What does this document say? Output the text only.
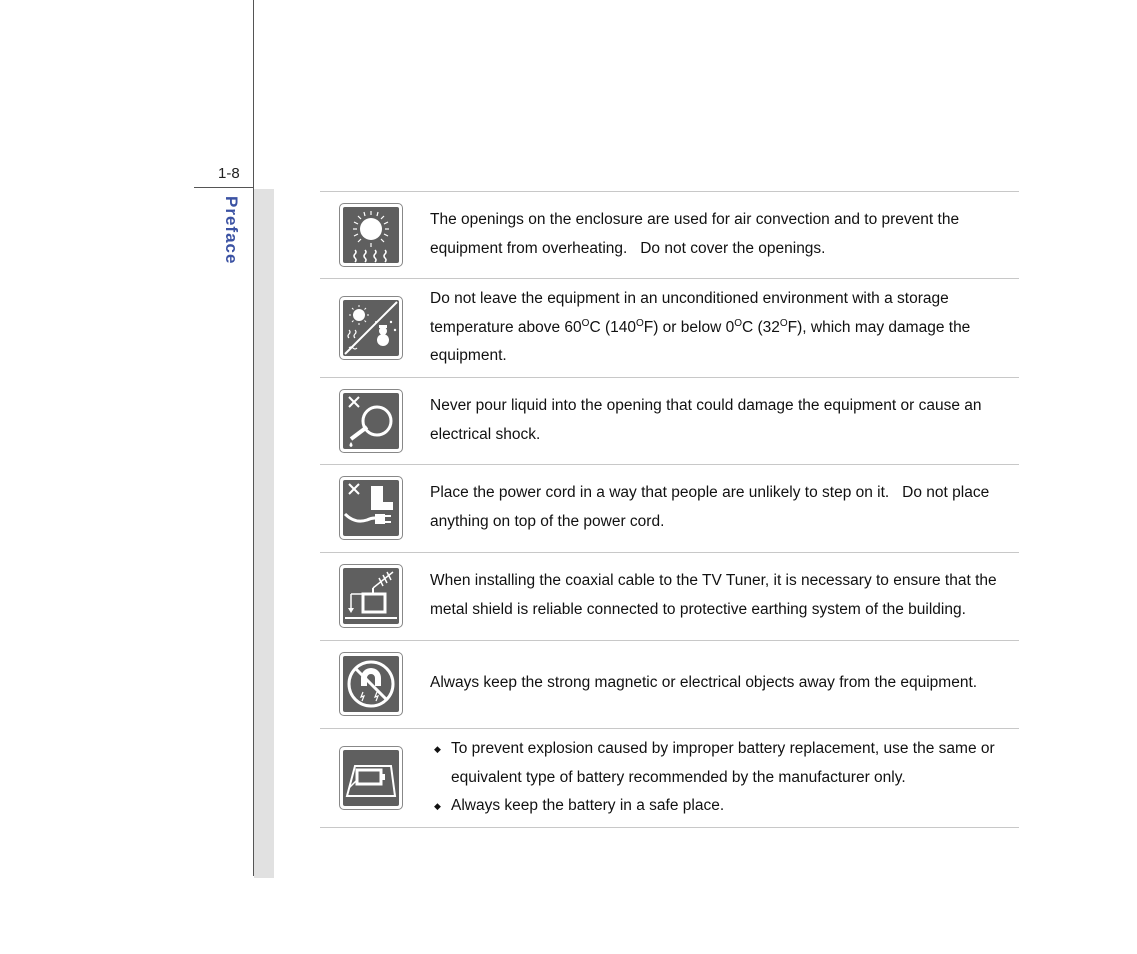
1-8
Preface	The openings on the enclosure are used for air convection and to prevent the equipment from overheating.   Do not cover the openings.
Do not leave the equipment in an unconditioned environment with a storage temperature above $60^OC$ $(140^OF)$ or below $0^OC$ $(32^OF)$, which may damage the equipment.
Never pour liquid into the opening that could damage the equipment or cause an electrical shock.
Place the power cord in a way that people are unlikely to step on it.   Do not place anything on top of the power cord.
When installing the coaxial cable to the TV Tuner, it is necessary to ensure that the metal shield is reliable connected to protective earthing system of the building.
Always keep the strong magnetic or electrical objects away from the equipment.
◆ To prevent explosion caused by improper battery replacement, use the same or equivalent type of battery recommended by the manufacturer only.
◆ Always keep the battery in a safe place.
